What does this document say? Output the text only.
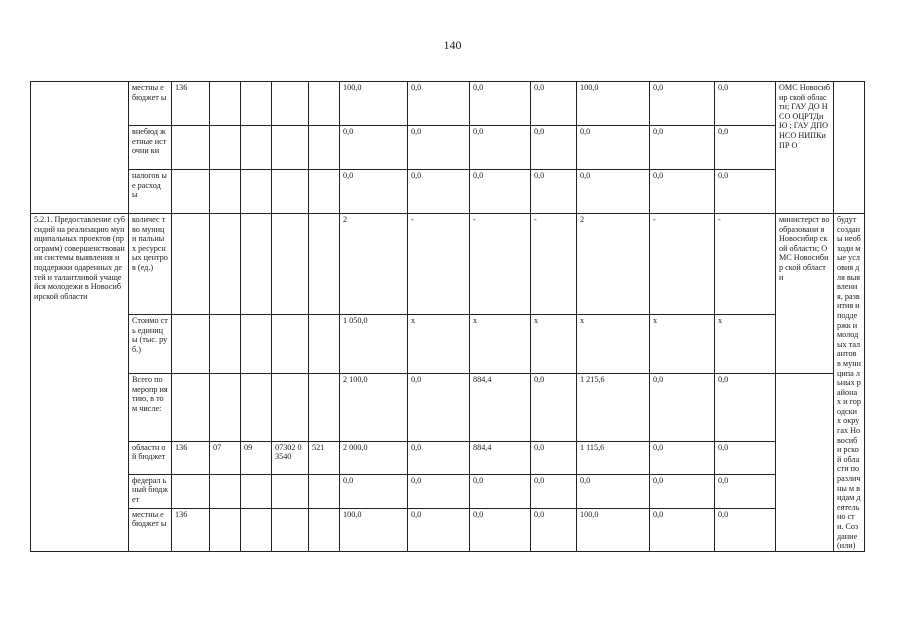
140
	местны е бюджет ы	136					100,0	0,0	0,0	0,0	100,0	0,0	0,0	ОМС Новосибир ской области; ГАУ ДО НСО ОЦРТДиЮ ; ГАУ ДПО НСО НИПКиПР О	
	внебюд жетные источни ки						0,0	0,0	0,0	0,0	0,0	0,0	0,0		
	налогов ые расход ы						0,0	0,0	0,0	0,0	0,0	0,0	0,0		
5.2.1. Предоставление субсидий на реализацию муниципальных проектов (программ) совершенствования системы выявления и поддержки одаренных детей и талантливой учащейся молодежи в Новосибирской области	количес тво муници пальны х ресурсн ых центров (ед.)						2	-	-	-	2	-	-	министерст во образовани я Новосибир ской области; ОМС Новосибир ской области	будут созданы необходи мые условия для выявлени я, развития и поддержк и молодых талантов в муниципа льных районах и городских округах Новосиби рской области по различны м видам деятельно сти. Создание (или)
	Стоимо сть единиц ы (тыс. руб.)						1 050,0	х	х	х	х	х	х		
	Всего по меропр иятию, в том числе:						2 100,0	0,0	884,4	0,0	1 215,6	0,0	0,0		
	областн ой бюджет	136	07	09	07302 03540	521	2 000,0	0,0	884,4	0,0	1 115,6	0,0	0,0		
	федерал ьный бюджет						0,0	0,0	0,0	0,0	0,0	0,0	0,0		
	местны е бюджет ы	136					100,0	0,0	0,0	0,0	100,0	0,0	0,0		
